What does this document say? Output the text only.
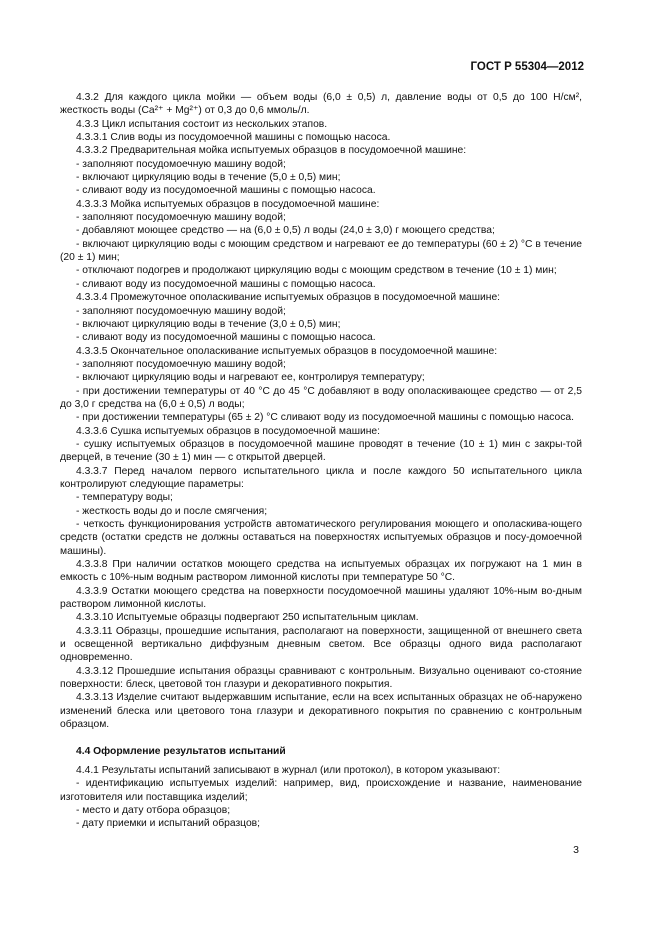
ГОСТ Р 55304—2012

4.3.2 Для каждого цикла мойки — объем воды (6,0 ± 0,5) л, давление воды от 0,5 до 100 Н/см², жесткость воды (Ca²⁺ + Mg²⁺) от 0,3 до 0,6 ммоль/л.

4.3.3 Цикл испытания состоит из нескольких этапов.

4.3.3.1 Слив воды из посудомоечной машины с помощью насоса.

4.3.3.2 Предварительная мойка испытуемых образцов в посудомоечной машине:

- заполняют посудомоечную машину водой;

- включают циркуляцию воды в течение (5,0 ± 0,5) мин;

- сливают воду из посудомоечной машины с помощью насоса.

4.3.3.3 Мойка испытуемых образцов в посудомоечной машине:

- заполняют посудомоечную машину водой;

- добавляют моющее средство — на (6,0 ± 0,5) л воды (24,0 ± 3,0) г моющего средства;

- включают циркуляцию воды с моющим средством и нагревают ее до температуры (60 ± 2) °С в течение (20 ± 1) мин;

- отключают подогрев и продолжают циркуляцию воды с моющим средством в течение (10 ± 1) мин;

- сливают воду из посудомоечной машины с помощью насоса.

4.3.3.4 Промежуточное ополаскивание испытуемых образцов в посудомоечной машине:

- заполняют посудомоечную машину водой;

- включают циркуляцию воды в течение (3,0 ± 0,5) мин;

- сливают воду из посудомоечной машины с помощью насоса.

4.3.3.5 Окончательное ополаскивание испытуемых образцов в посудомоечной машине:

- заполняют посудомоечную машину водой;

- включают циркуляцию воды и нагревают ее, контролируя температуру;

- при достижении температуры от 40 °С до 45 °С добавляют в воду ополаскивающее средство — от 2,5 до 3,0 г средства на (6,0 ± 0,5) л воды;

- при достижении температуры (65 ± 2) °С сливают воду из посудомоечной машины с помощью насоса.

4.3.3.6 Сушка испытуемых образцов в посудомоечной машине:

- сушку испытуемых образцов в посудомоечной машине проводят в течение (10 ± 1) мин с закры-той дверцей, в течение (30 ± 1) мин — с открытой дверцей.

4.3.3.7 Перед началом первого испытательного цикла и после каждого 50 испытательного цикла контролируют следующие параметры:

- температуру воды;

- жесткость воды до и после смягчения;

- четкость функционирования устройств автоматического регулирования моющего и ополаскива-ющего средств (остатки средств не должны оставаться на поверхностях испытуемых образцов и посу-домоечной машины).

4.3.3.8 При наличии остатков моющего средства на испытуемых образцах их погружают на 1 мин в емкость с 10%-ным водным раствором лимонной кислоты при температуре 50 °С.

4.3.3.9 Остатки моющего средства на поверхности посудомоечной машины удаляют 10%-ным во-дным раствором лимонной кислоты.

4.3.3.10 Испытуемые образцы подвергают 250 испытательным циклам.

4.3.3.11 Образцы, прошедшие испытания, располагают на поверхности, защищенной от внешнего света и освещенной вертикально диффузным дневным светом. Все образцы одного вида располагают одновременно.

4.3.3.12 Прошедшие испытания образцы сравнивают с контрольным. Визуально оценивают со-стояние поверхности: блеск, цветовой тон глазури и декоративного покрытия.

4.3.3.13 Изделие считают выдержавшим испытание, если на всех испытанных образцах не об-наружено изменений блеска или цветового тона глазури и декоративного покрытия по сравнению с контрольным образцом.

4.4 Оформление результатов испытаний

4.4.1 Результаты испытаний записывают в журнал (или протокол), в котором указывают:

- идентификацию испытуемых изделий: например, вид, происхождение и название, наименование изготовителя или поставщика изделий;

- место и дату отбора образцов;

- дату приемки и испытаний образцов;

3
